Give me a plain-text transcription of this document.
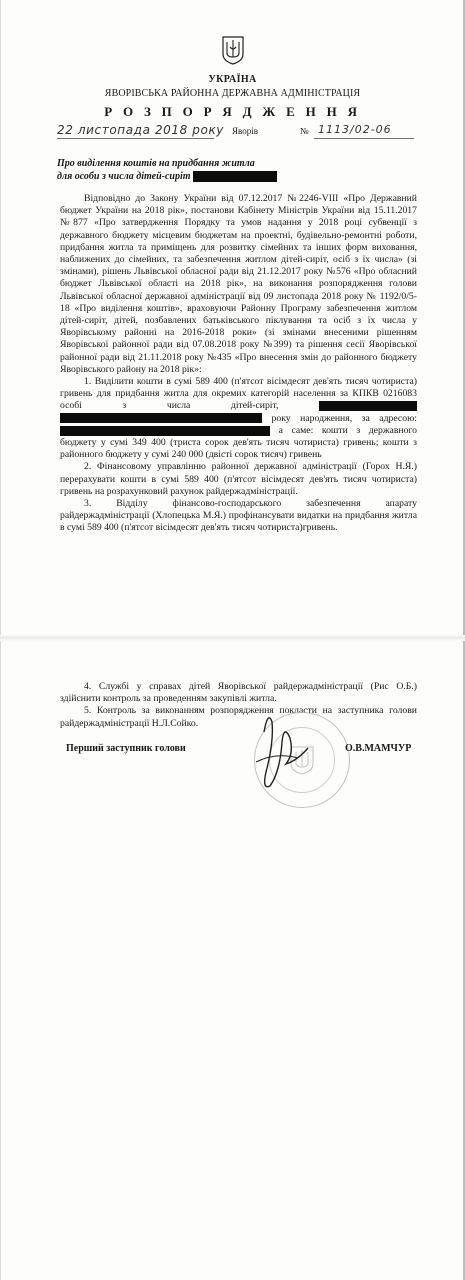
УКРАЇНА
ЯВОРІВСЬКА РАЙОННА ДЕРЖАВНА АДМІНІСТРАЦІЯ
Р О З П О Р Я Д Ж Е Н Н Я
22 листопада 2018 року Яворів	№ 1113/02-06
Про виділення коштів на придбання житла
для особи з числа дітей-сиріт

Відповідно до Закону України від 07.12.2017 №2246-VIII «Про Державний бюджет України на 2018 рік», постанови Кабінету Міністрів України від 15.11.2017 №877 «Про затвердження Порядку та умов надання у 2018 році субвенції з державного бюджету місцевим бюджетам на проектні, будівельно-ремонтні роботи, придбання житла та приміщень для розвитку сімейних та інших форм виховання, наближених до сімейних, та забезпечення житлом дітей-сиріт, осіб з їх числа» (зі змінами), рішень Львівської обласної ради від 21.12.2017 року №576 «Про обласний бюджет Львівської області на 2018 рік», на виконання розпорядження голови Львівської обласної державної адміністрації від 09 листопада 2018 року № 1192/0/5-18 «Про виділення коштів», враховуючи Районну Програму забезпечення житлом дітей-сиріт, дітей, позбавлених батьківського піклування та осіб з їх числа у Яворівському районні на 2016-2018 роки» (зі змінами внесеними рішенням Яворівської районної ради від 07.08.2018 року №399) та рішення сесії Яворівської районної ради від 21.11.2018 року №435 «Про внесення змін до районного бюджету Яворівського району на 2018 рік»:

1. Виділити кошти в сумі 589 400 (п'ятсот вісімдесят дев'ять тисяч чотириста) гривень для придбання житла для окремих категорій населення за КПКВ 0216083 особі з числа дітей-сиріт,   року народження, за адресою:  а саме: кошти з державного бюджету у сумі 349 400 (триста сорок дев'ять тисяч чотириста) гривень; кошти з районного бюджету у сумі 240 000 (двісті сорок тисяч) гривень

2. Фінансовому управлінню районної державної адміністрації (Горох Н.Я.) перерахувати кошти в сумі 589 400 (п'ятсот вісімдесят дев'ять тисяч чотириста) гривень на розрахунковий рахунок райдержадміністрації.

3. Відділу фінансово-господарського забезпечення апарату райдержадміністрації (Хлопецька М.Я.) профінансувати видатки на придбання житла в сумі 589 400 (п'ятсот вісімдесят дев'ять тисяч чотириста)гривень.

4. Службі у справах дітей Яворівської райдержадміністрації (Рис О.Б.) здійснити контроль за проведенням закупівлі житла.

5. Контроль за виконанням розпорядження покласти на заступника голови райдержадміністрації Н.Л.Сойко.

Перший заступник голови	О.В.МАМЧУР
